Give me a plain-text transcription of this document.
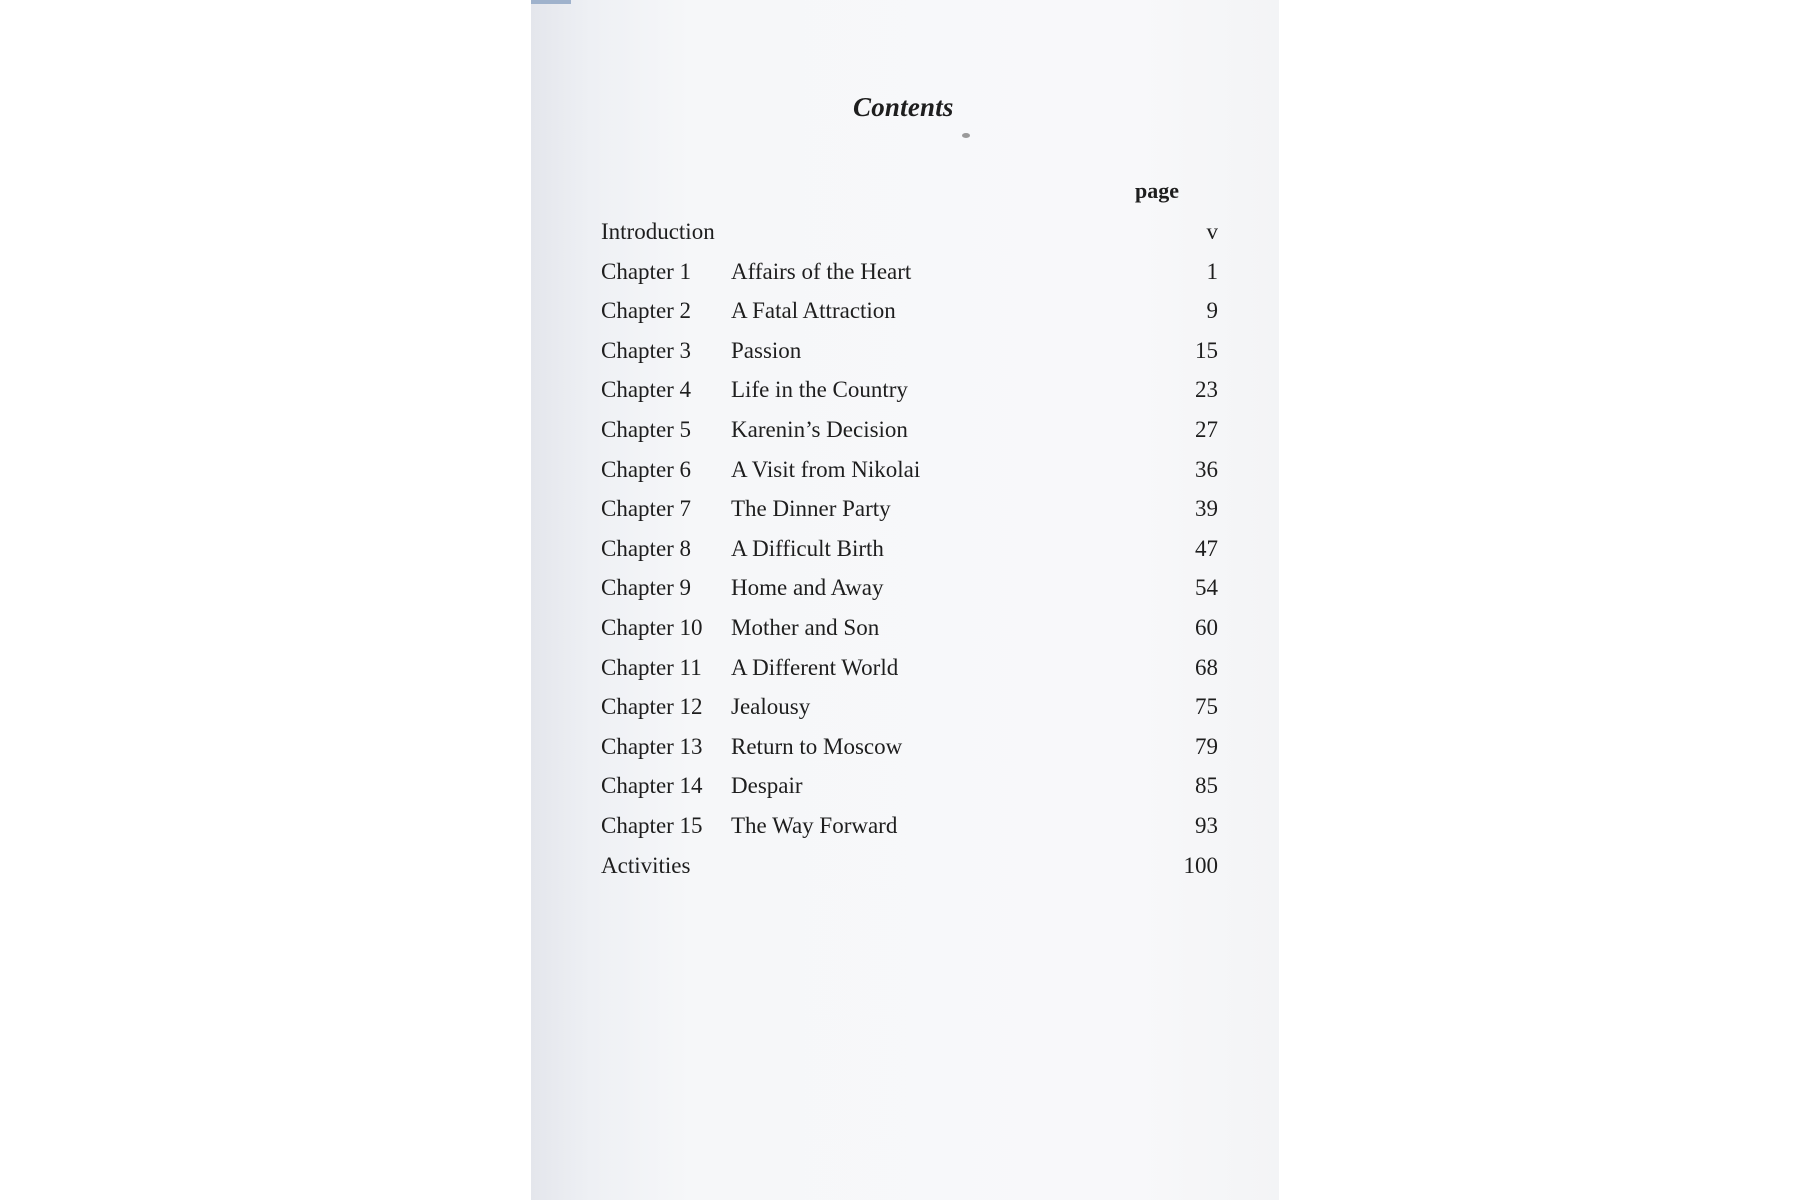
Contents
page
Introduction	v
Chapter 1 Affairs of the Heart	1
Chapter 2 A Fatal Attraction	9
Chapter 3 Passion	15
Chapter 4 Life in the Country	23
Chapter 5 Karenin’s Decision	27
Chapter 6 A Visit from Nikolai	36
Chapter 7 The Dinner Party	39
Chapter 8 A Difficult Birth	47
Chapter 9 Home and Away	54
Chapter 10 Mother and Son	60
Chapter 11 A Different World	68
Chapter 12 Jealousy	75
Chapter 13 Return to Moscow	79
Chapter 14 Despair	85
Chapter 15 The Way Forward	93
Activities	100
